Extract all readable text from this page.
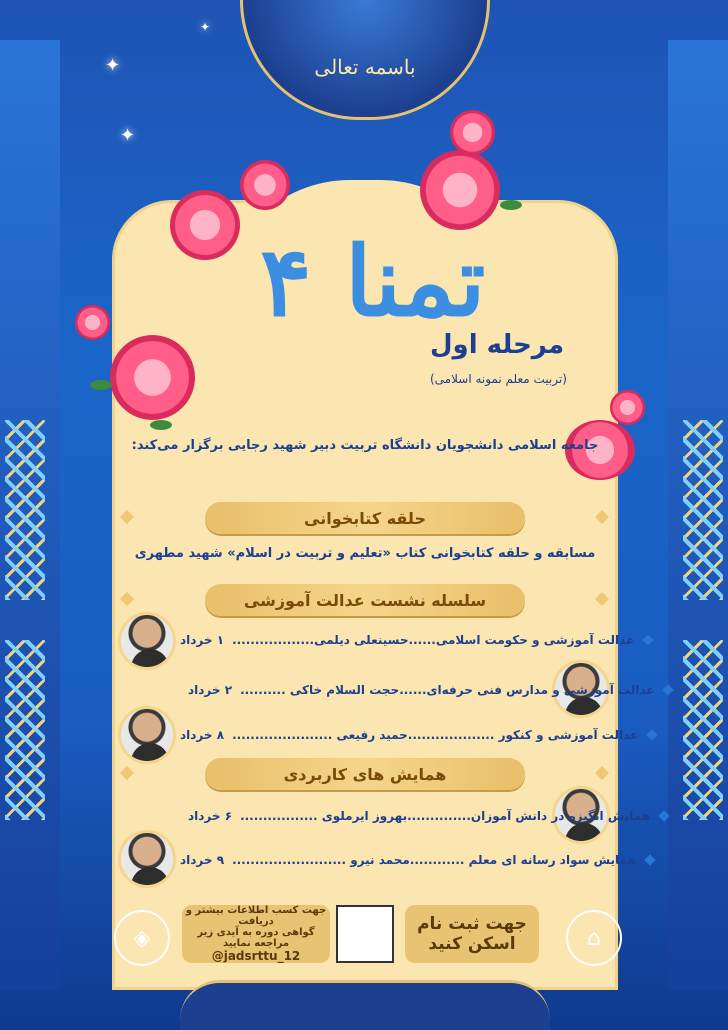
✦
✦
✦
باسمه تعالی
تمنا ۴
مرحله اول
(تربیت معلم نمونه اسلامی)
جامعه اسلامی دانشجویان دانشگاه تربیت دبیر شهید رجایی برگزار می‌کند:
حلقه کتابخوانی
مسابقه و حلقه کتابخوانی کتاب «تعلیم و تربیت در اسلام» شهید مطهری
سلسله نشست عدالت آموزشی
عدالت آموزشی و حکومت اسلامی......حسینعلی دیلمی..................
۱ خرداد
عدالت آموزشی و مدارس فنی حرفه‌ای......حجت السلام خاکی ..........
۲ خرداد
عدالت آموزشی و کنکور ...................حمید رفیعی ......................
۸ خرداد
همایش های کاربردی
همایش انگیزه در دانش آموزان..............بهروز ایرملوی .................
۶ خرداد
همایش سواد رسانه ای معلم ............محمد نیرو .........................
۹ خرداد
◈
جهت کسب اطلاعات بیشتر و دریافت
گواهی دوره به آیدی زیر مراجعه نمایید
@jadsrttu_12
جهت ثبت نام
اسکن کنید	⌂
